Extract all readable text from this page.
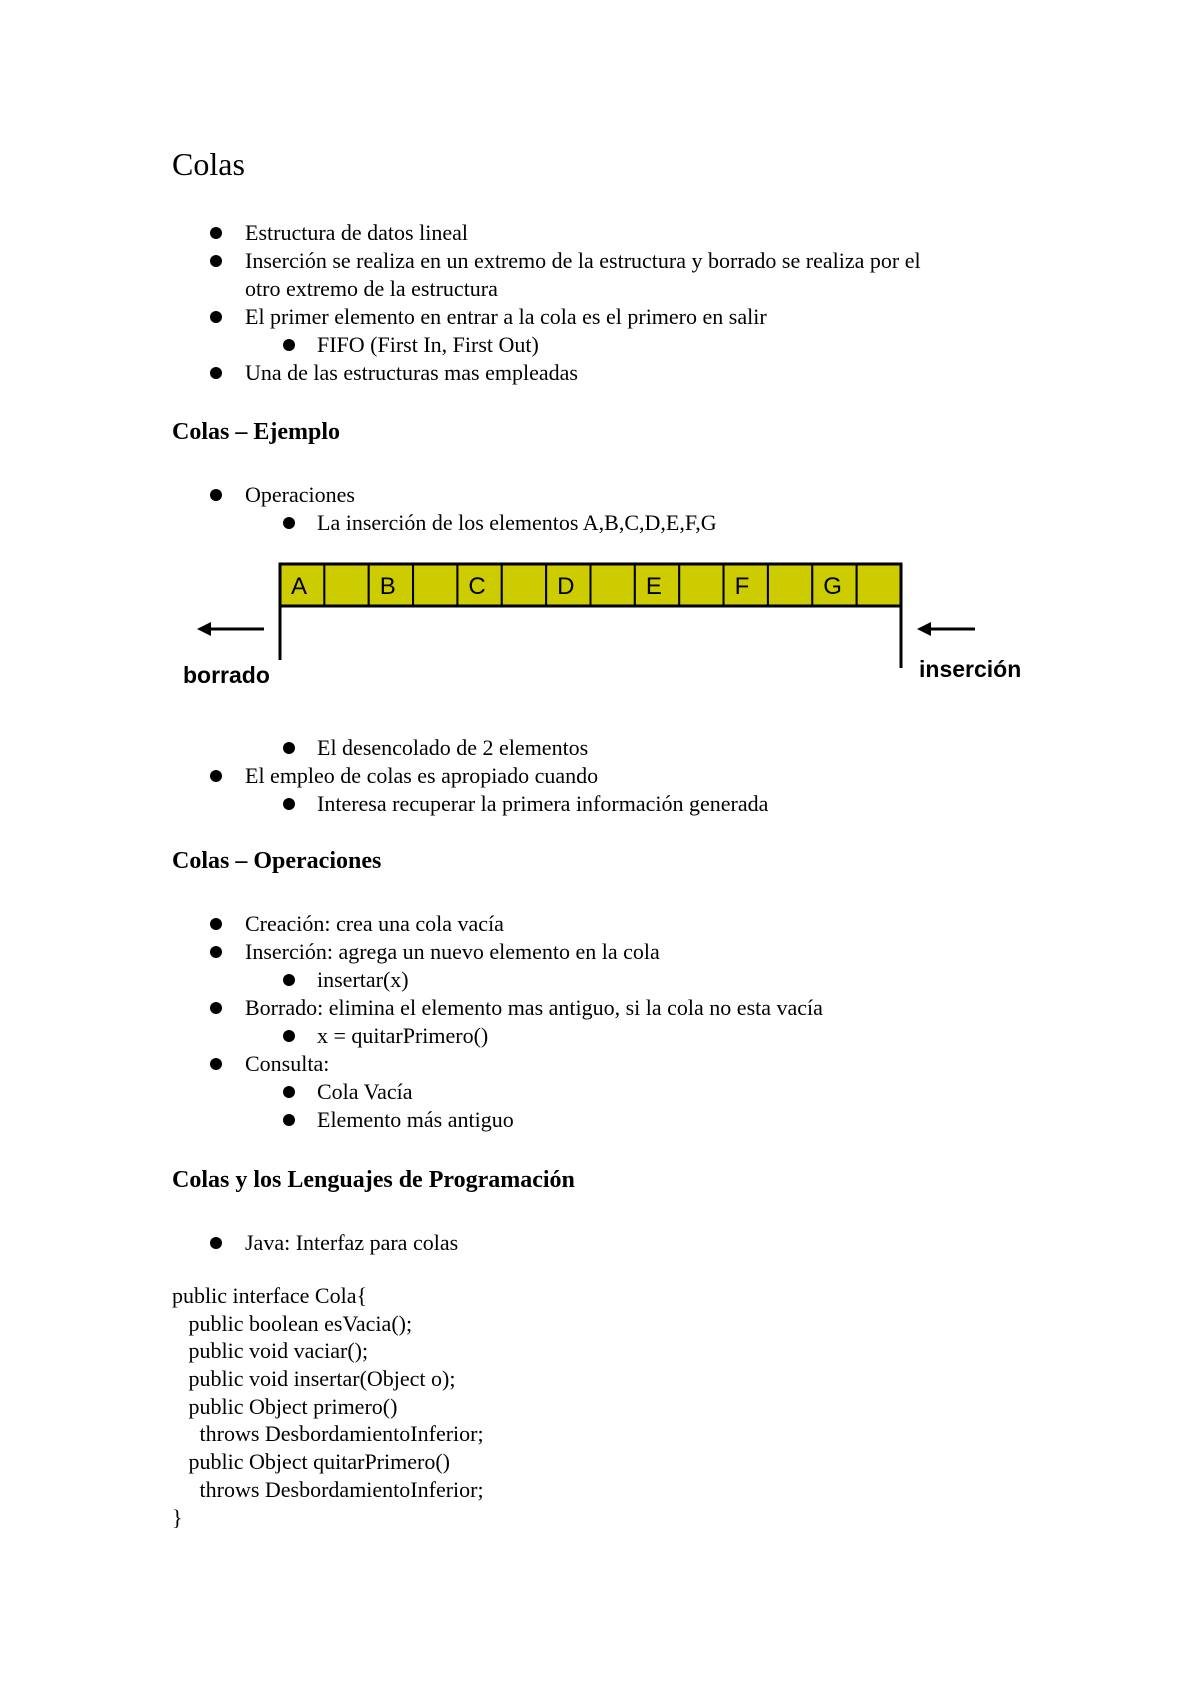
Colas
Estructura de datos lineal
Inserción se realiza en un extremo de la estructura y borrado se realiza por el
otro extremo de la estructura
El primer elemento en entrar a la cola es el primero en salir
FIFO (First In, First Out)
Una de las estructuras mas empleadas
Colas – Ejemplo
Operaciones
La inserción de los elementos A,B,C,D,E,F,G
A	B	C	D	E	F	G
borrado	inserción
El desencolado de 2 elementos
El empleo de colas es apropiado cuando
Interesa recuperar la primera información generada
Colas – Operaciones
Creación: crea una cola vacía
Inserción: agrega un nuevo elemento en la cola
insertar(x)
Borrado: elimina el elemento mas antiguo, si la cola no esta vacía
x = quitarPrimero()
Consulta:
Cola Vacía
Elemento más antiguo
Colas y los Lenguajes de Programación
Java: Interfaz para colas
public interface Cola{
public boolean esVacia();
public void vaciar();
public void insertar(Object o);
public Object primero()
throws DesbordamientoInferior;
public Object quitarPrimero()
throws DesbordamientoInferior;
}
